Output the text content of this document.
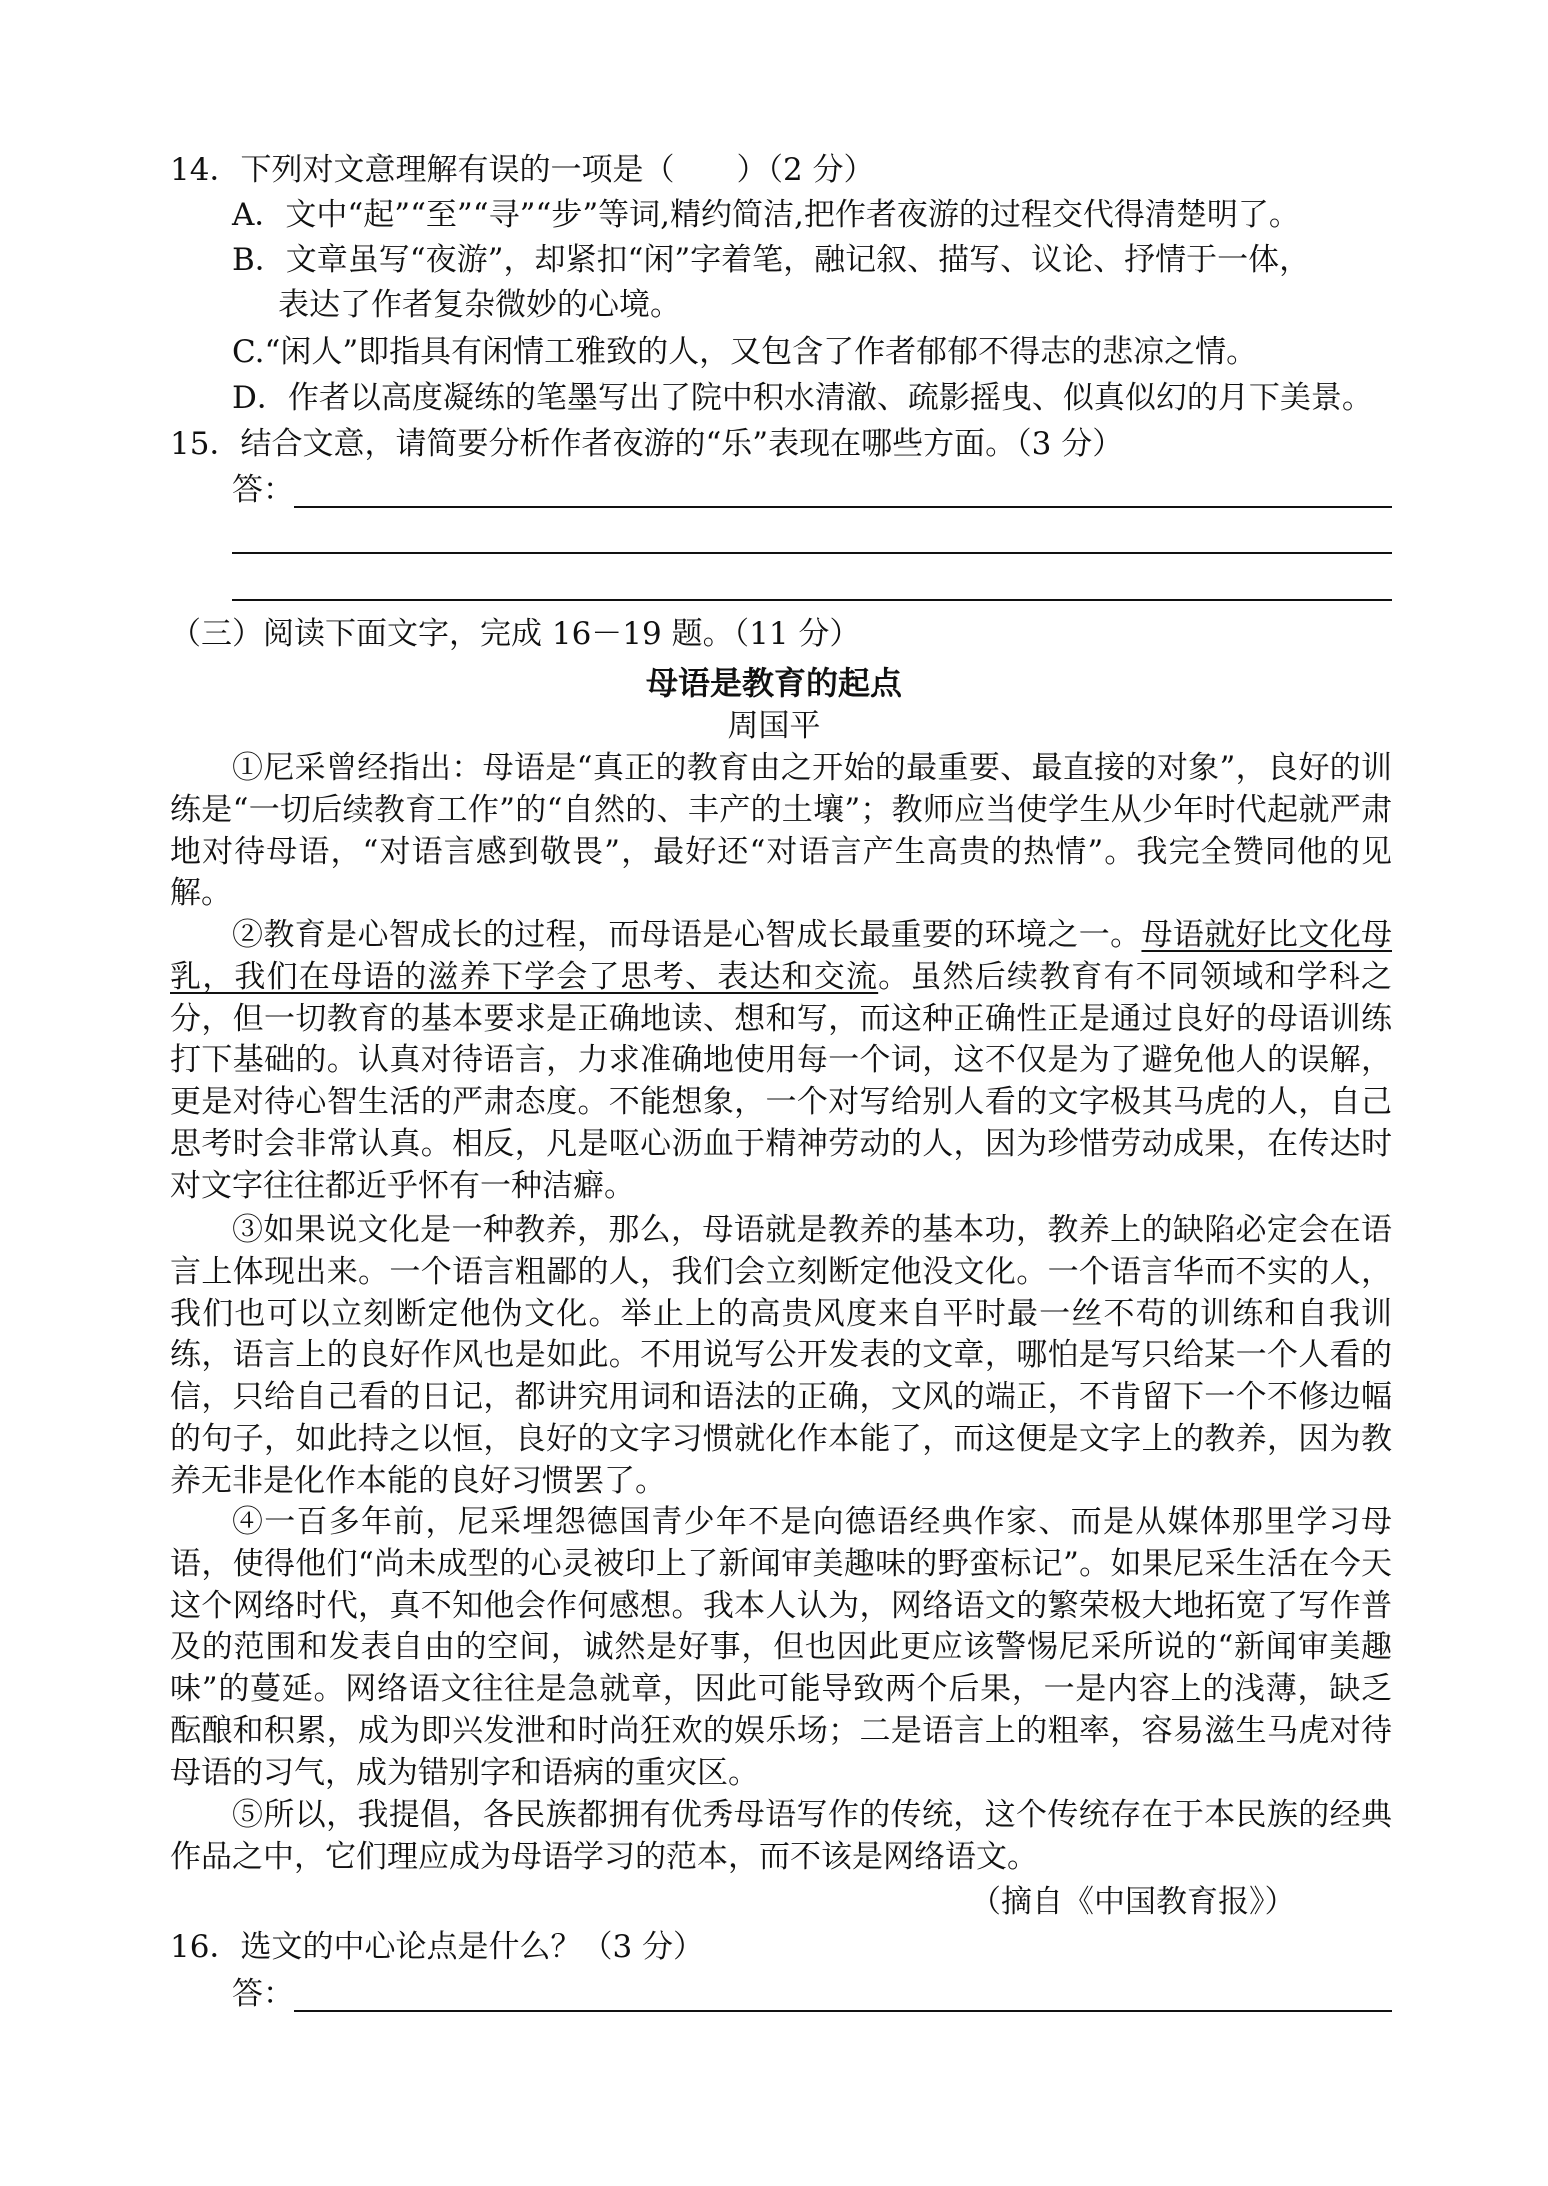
14．下列对文意理解有误的一项是（　　）（2 分）
A．文中“起”“至”“寻”“步”等词,精约简洁,把作者夜游的过程交代得清楚明了。
B．文章虽写“夜游”，却紧扣“闲”字着笔，融记叙、描写、议论、抒情于一体，
表达了作者复杂微妙的心境。
C.“闲人”即指具有闲情工雅致的人，又包含了作者郁郁不得志的悲凉之情。
D．作者以高度凝练的笔墨写出了院中积水清澈、疏影摇曳、似真似幻的月下美景。
15．结合文意，请简要分析作者夜游的“乐”表现在哪些方面。（3 分）
答：
（三）阅读下面文字，完成 16－19 题。（11 分）
母语是教育的起点
周国平
①尼采曾经指出：母语是“真正的教育由之开始的最重要、最直接的对象”，良好的训练是“一切后续教育工作”的“自然的、丰产的土壤”；教师应当使学生从少年时代起就严肃地对待母语，“对语言感到敬畏”，最好还“对语言产生高贵的热情”。我完全赞同他的见解。
②教育是心智成长的过程，而母语是心智成长最重要的环境之一。母语就好比文化母乳，我们在母语的滋养下学会了思考、表达和交流。虽然后续教育有不同领域和学科之分，但一切教育的基本要求是正确地读、想和写，而这种正确性正是通过良好的母语训练打下基础的。认真对待语言，力求准确地使用每一个词，这不仅是为了避免他人的误解，更是对待心智生活的严肃态度。不能想象，一个对写给别人看的文字极其马虎的人，自己思考时会非常认真。相反，凡是呕心沥血于精神劳动的人，因为珍惜劳动成果，在传达时对文字往往都近乎怀有一种洁癖。
③如果说文化是一种教养，那么，母语就是教养的基本功，教养上的缺陷必定会在语言上体现出来。一个语言粗鄙的人，我们会立刻断定他没文化。一个语言华而不实的人，我们也可以立刻断定他伪文化。举止上的高贵风度来自平时最一丝不苟的训练和自我训练，语言上的良好作风也是如此。不用说写公开发表的文章，哪怕是写只给某一个人看的信，只给自己看的日记，都讲究用词和语法的正确，文风的端正，不肯留下一个不修边幅的句子，如此持之以恒，良好的文字习惯就化作本能了，而这便是文字上的教养，因为教养无非是化作本能的良好习惯罢了。
④一百多年前，尼采埋怨德国青少年不是向德语经典作家、而是从媒体那里学习母语，使得他们“尚未成型的心灵被印上了新闻审美趣味的野蛮标记”。如果尼采生活在今天这个网络时代，真不知他会作何感想。我本人认为，网络语文的繁荣极大地拓宽了写作普及的范围和发表自由的空间，诚然是好事，但也因此更应该警惕尼采所说的“新闻审美趣味”的蔓延。网络语文往往是急就章，因此可能导致两个后果，一是内容上的浅薄，缺乏酝酿和积累，成为即兴发泄和时尚狂欢的娱乐场；二是语言上的粗率，容易滋生马虎对待母语的习气，成为错别字和语病的重灾区。
⑤所以，我提倡，各民族都拥有优秀母语写作的传统，这个传统存在于本民族的经典作品之中，它们理应成为母语学习的范本，而不该是网络语文。
（摘自《中国教育报》）
16．选文的中心论点是什么？（3 分）
答：
